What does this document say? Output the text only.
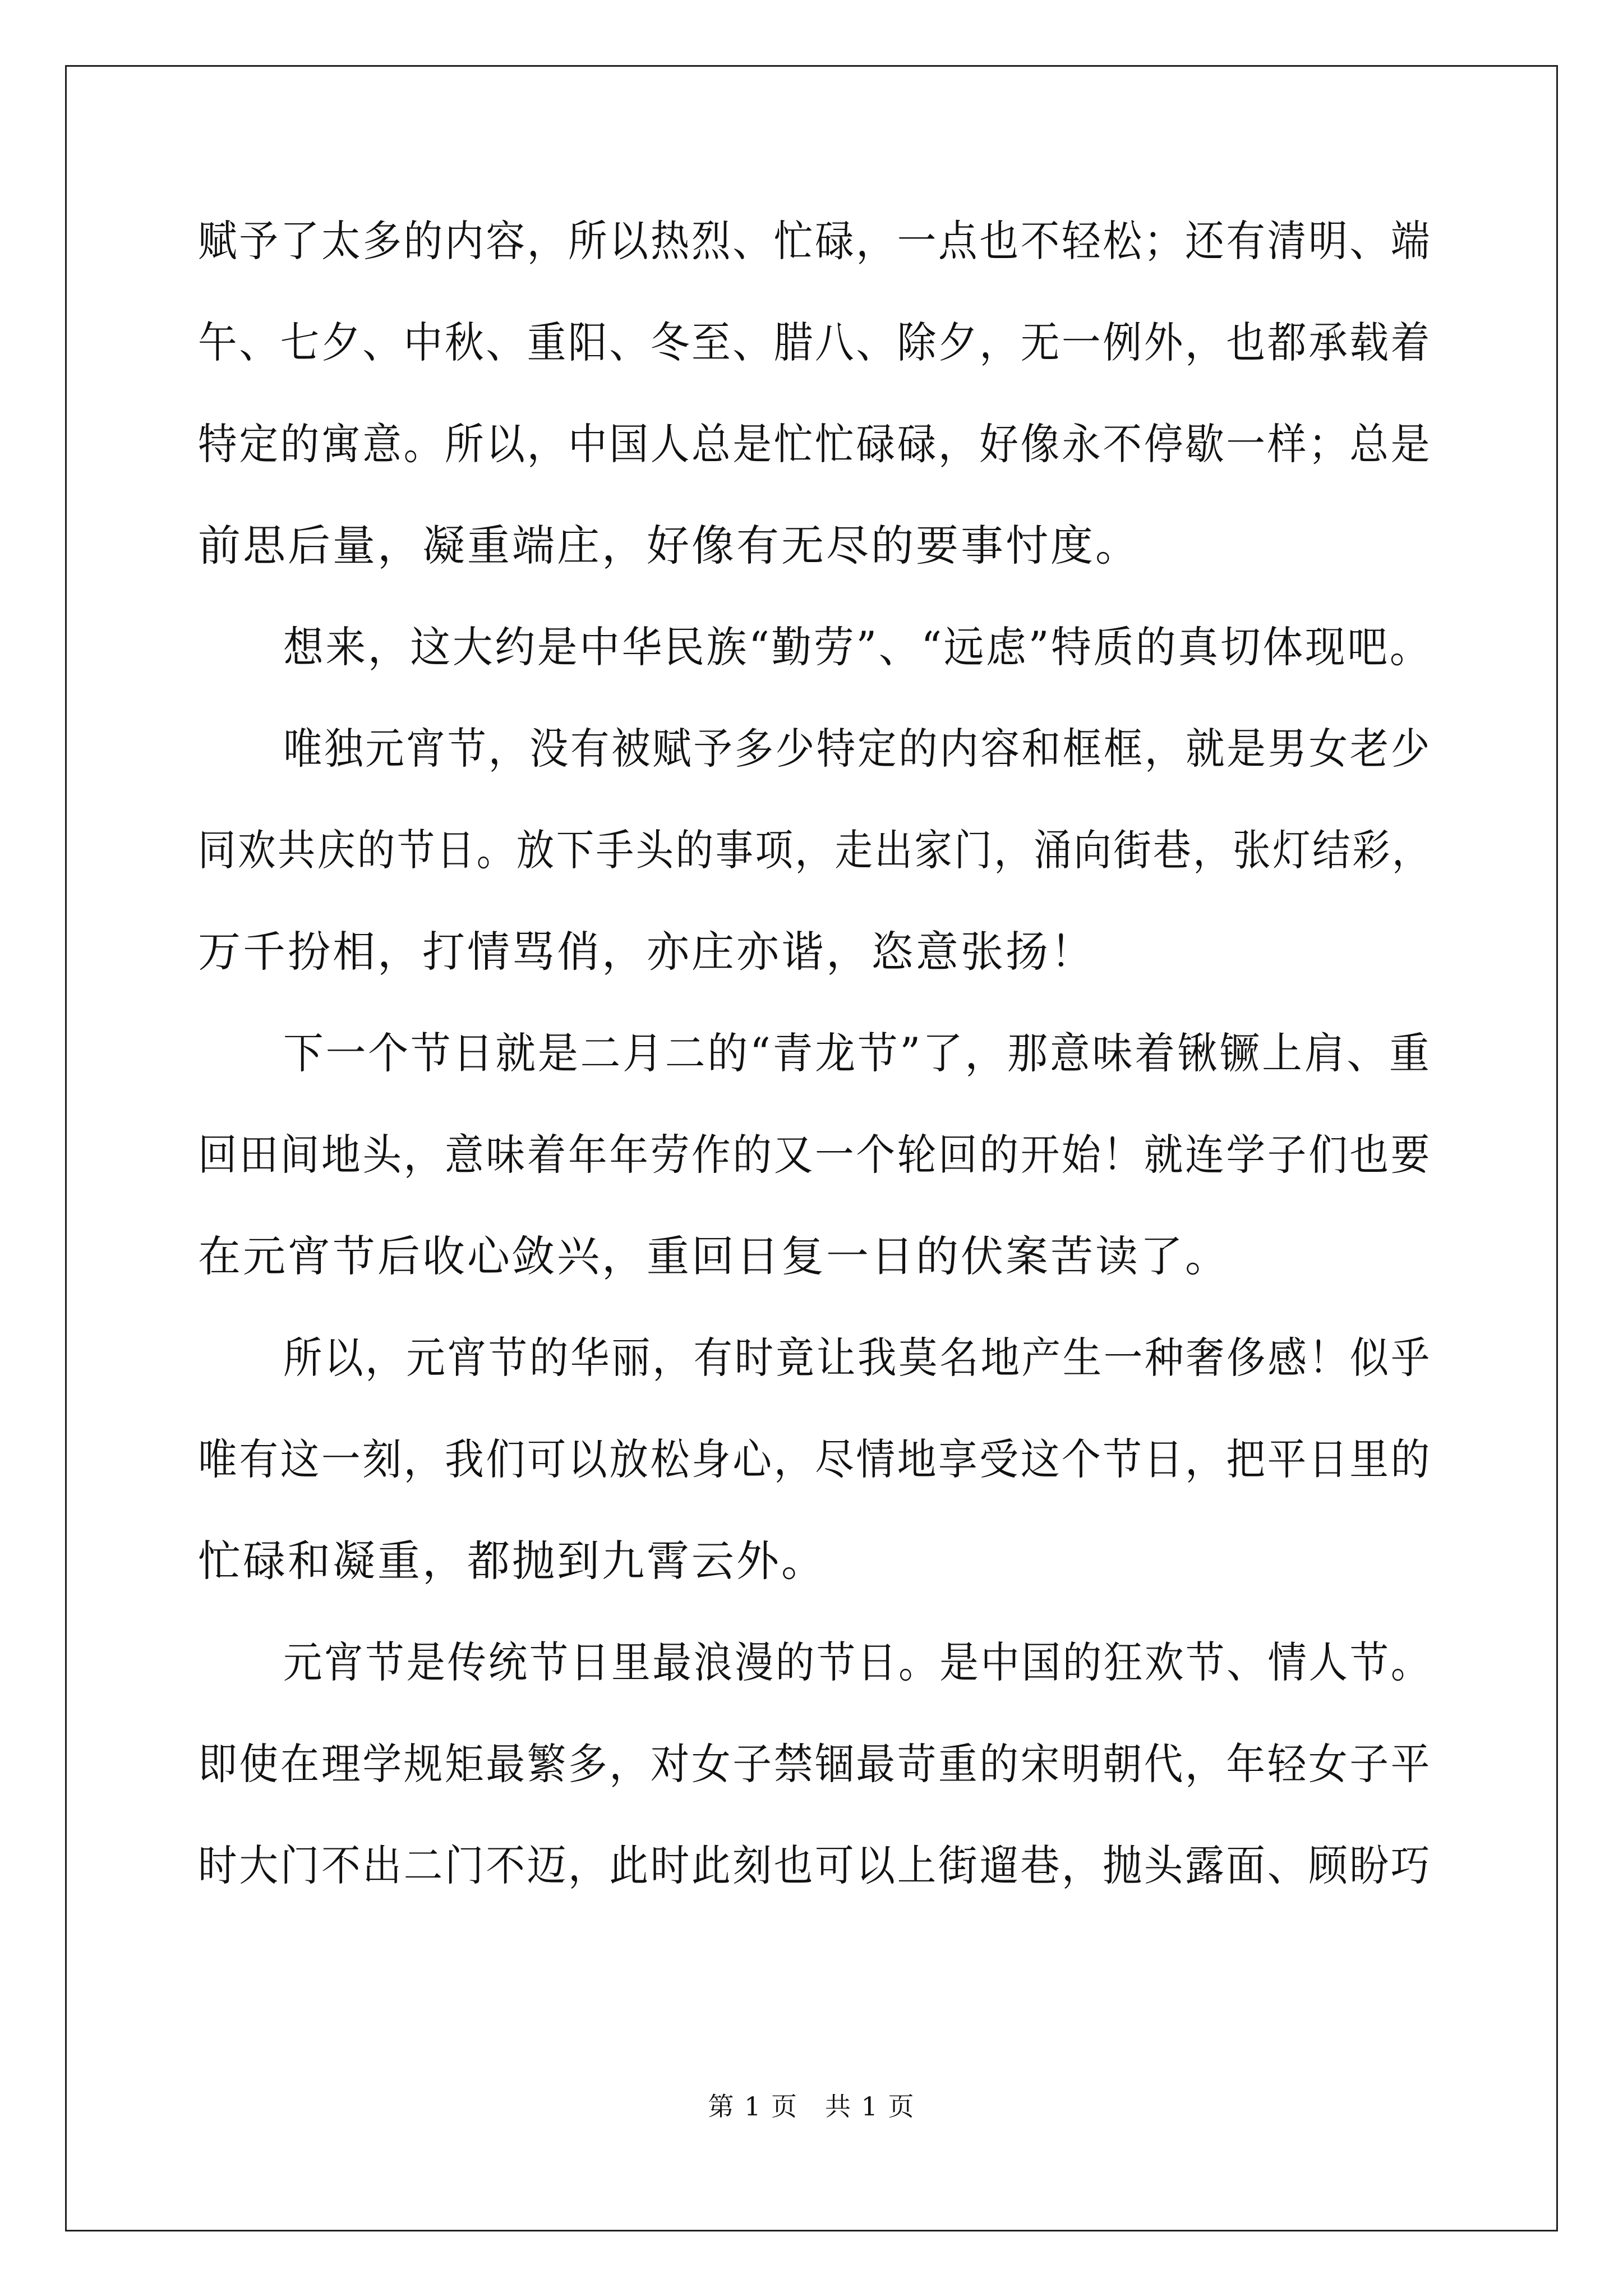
赋予了太多的内容，所以热烈、忙碌，一点也不轻松；还有清明、端
午、七夕、中秋、重阳、冬至、腊八、除夕，无一例外，也都承载着
特定的寓意。所以，中国人总是忙忙碌碌，好像永不停歇一样；总是
前思后量，凝重端庄，好像有无尽的要事忖度。
想来，这大约是中华民族“勤劳”、“远虑”特质的真切体现吧。
唯独元宵节，没有被赋予多少特定的内容和框框，就是男女老少
同欢共庆的节日。放下手头的事项，走出家门，涌向街巷，张灯结彩，
万千扮相，打情骂俏，亦庄亦谐，恣意张扬！
下一个节日就是二月二的“青龙节”了，那意味着锹镢上肩、重
回田间地头，意味着年年劳作的又一个轮回的开始！就连学子们也要
在元宵节后收心敛兴，重回日复一日的伏案苦读了。
所以，元宵节的华丽，有时竟让我莫名地产生一种奢侈感！似乎
唯有这一刻，我们可以放松身心，尽情地享受这个节日，把平日里的
忙碌和凝重，都抛到九霄云外。
元宵节是传统节日里最浪漫的节日。是中国的狂欢节、情人节。
即使在理学规矩最繁多，对女子禁锢最苛重的宋明朝代，年轻女子平
时大门不出二门不迈，此时此刻也可以上街遛巷，抛头露面、顾盼巧
第 1 页　共 1 页
